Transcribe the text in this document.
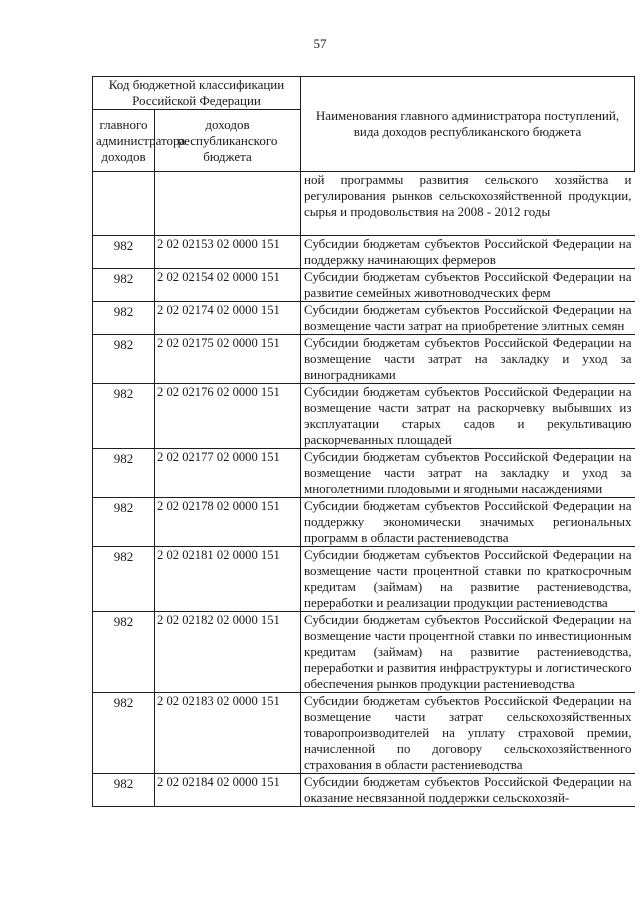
57
Код бюджетной классификации Российской Федерации		Наименования главного администратора поступлений, вида доходов республиканского бюджета
главного администратора доходов	доходов республиканского бюджета	
		ной программы развития сельского хозяйства и регулирования рынков сельскохозяйственной продукции, сырья и продовольствия на 2008 - 2012 годы
982	2 02 02153 02 0000 151	Субсидии бюджетам субъектов Российской Федерации на поддержку начинающих фермеров
982	2 02 02154 02 0000 151	Субсидии бюджетам субъектов Российской Федерации на развитие семейных животноводческих ферм
982	2 02 02174 02 0000 151	Субсидии бюджетам субъектов Российской Федерации на возмещение части затрат на приобретение элитных семян
982	2 02 02175 02 0000 151	Субсидии бюджетам субъектов Российской Федерации на возмещение части затрат на закладку и уход за виноградниками
982	2 02 02176 02 0000 151	Субсидии бюджетам субъектов Российской Федерации на возмещение части затрат на раскорчевку выбывших из эксплуатации старых садов и рекультивацию раскорчеванных площадей
982	2 02 02177 02 0000 151	Субсидии бюджетам субъектов Российской Федерации на возмещение части затрат на закладку и уход за многолетними плодовыми и ягодными насаждениями
982	2 02 02178 02 0000 151	Субсидии бюджетам субъектов Российской Федерации на поддержку экономически значимых региональных программ в области растениеводства
982	2 02 02181 02 0000 151	Субсидии бюджетам субъектов Российской Федерации на возмещение части процентной ставки по краткосрочным кредитам (займам) на развитие растениеводства, переработки и реализации продукции растениеводства
982	2 02 02182 02 0000 151	Субсидии бюджетам субъектов Российской Федерации на возмещение части процентной ставки по инвестиционным кредитам (займам) на развитие растениеводства, переработки и развития инфраструктуры и логистического обеспечения рынков продукции растениеводства
982	2 02 02183 02 0000 151	Субсидии бюджетам субъектов Российской Федерации на возмещение части затрат сельскохозяйственных товаропроизводителей на уплату страховой премии, начисленной по договору сельскохозяйственного страхования в области растениеводства
982	2 02 02184 02 0000 151	Субсидии бюджетам субъектов Российской Федерации на оказание несвязанной поддержки сельскохозяй-
